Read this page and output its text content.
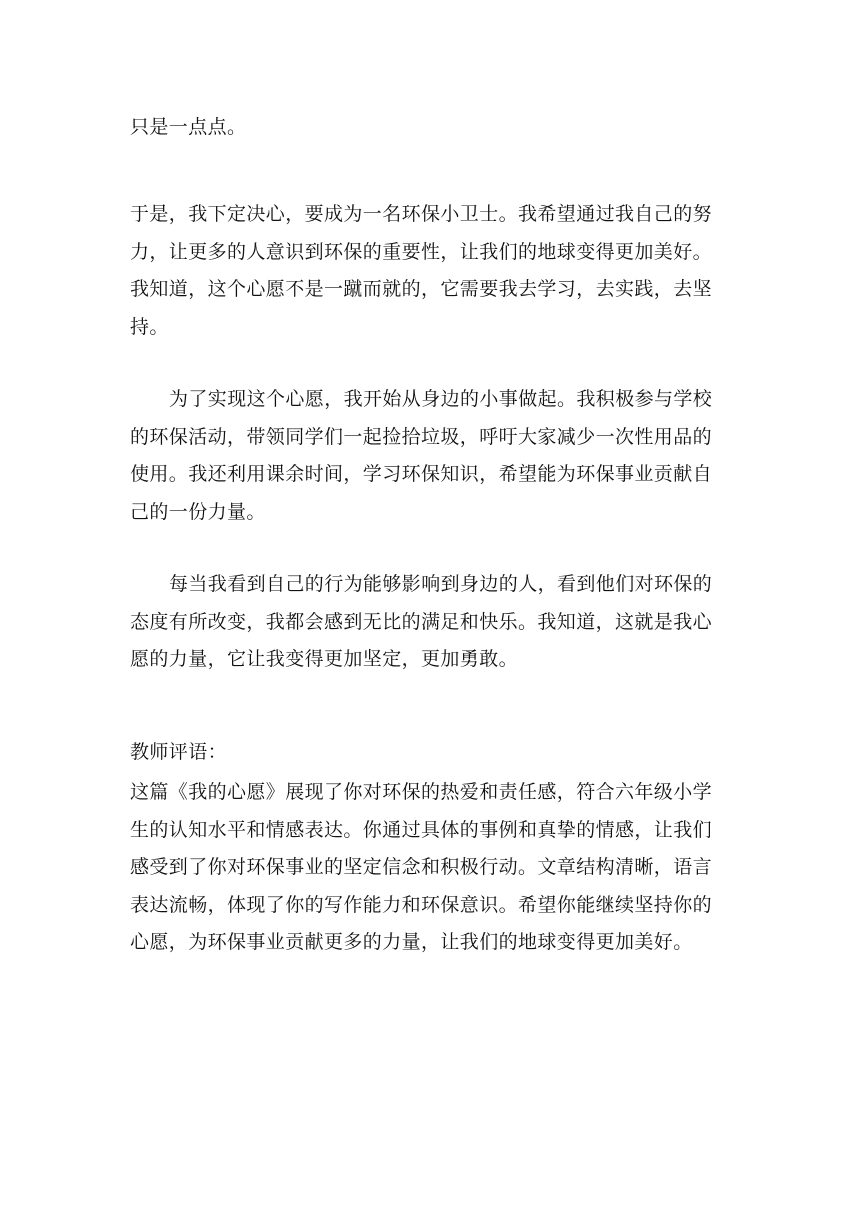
只是一点点。

于是，我下定决心，要成为一名环保小卫士。我希望通过我自己的努力，让更多的人意识到环保的重要性，让我们的地球变得更加美好。我知道，这个心愿不是一蹴而就的，它需要我去学习，去实践，去坚持。

为了实现这个心愿，我开始从身边的小事做起。我积极参与学校的环保活动，带领同学们一起捡拾垃圾，呼吁大家减少一次性用品的使用。我还利用课余时间，学习环保知识，希望能为环保事业贡献自己的一份力量。

每当我看到自己的行为能够影响到身边的人，看到他们对环保的态度有所改变，我都会感到无比的满足和快乐。我知道，这就是我心愿的力量，它让我变得更加坚定，更加勇敢。

教师评语：

这篇《我的心愿》展现了你对环保的热爱和责任感，符合六年级小学生的认知水平和情感表达。你通过具体的事例和真挚的情感，让我们感受到了你对环保事业的坚定信念和积极行动。文章结构清晰，语言表达流畅，体现了你的写作能力和环保意识。希望你能继续坚持你的心愿，为环保事业贡献更多的力量，让我们的地球变得更加美好。
